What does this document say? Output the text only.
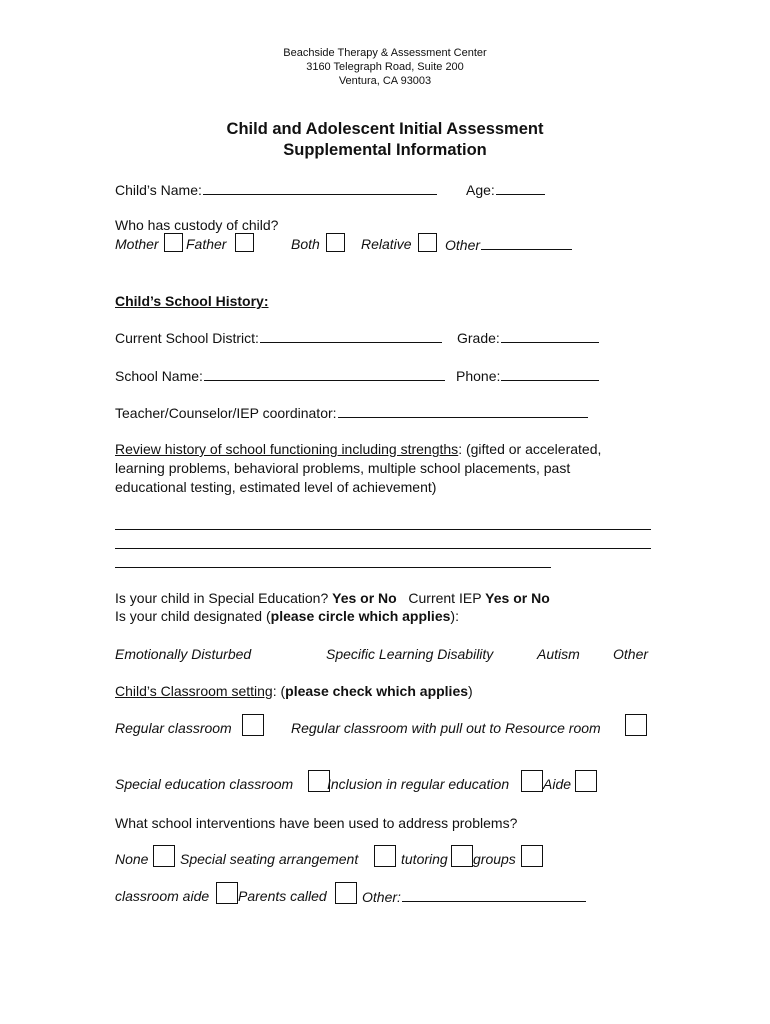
Beachside Therapy & Assessment Center
3160 Telegraph Road, Suite 200
Ventura, CA 93003
Child and Adolescent Initial Assessment
Supplemental Information
Child’s Name:	Age:
Who has custody of child?
Mother Father	Both	Relative Other
Child’s School History:
Current School District:	Grade:
School Name:	Phone:
Teacher/Counselor/IEP coordinator:
Review history of school functioning including strengths: (gifted or accelerated,
learning problems, behavioral problems, multiple school placements, past
educational testing, estimated level of achievement)
Is your child in Special Education? Yes or No Current IEP Yes or No
Is your child designated (please circle which applies):
Emotionally Disturbed	Specific Learning Disability	Autism Other
Child’s Classroom setting: (please check which applies)
Regular classroom	Regular classroom with pull out to Resource room
Special education classroom Inclusion in regular education Aide
What school interventions have been used to address problems?
None Special seating arrangement	tutoring groups
classroom aide Parents called	Other:
